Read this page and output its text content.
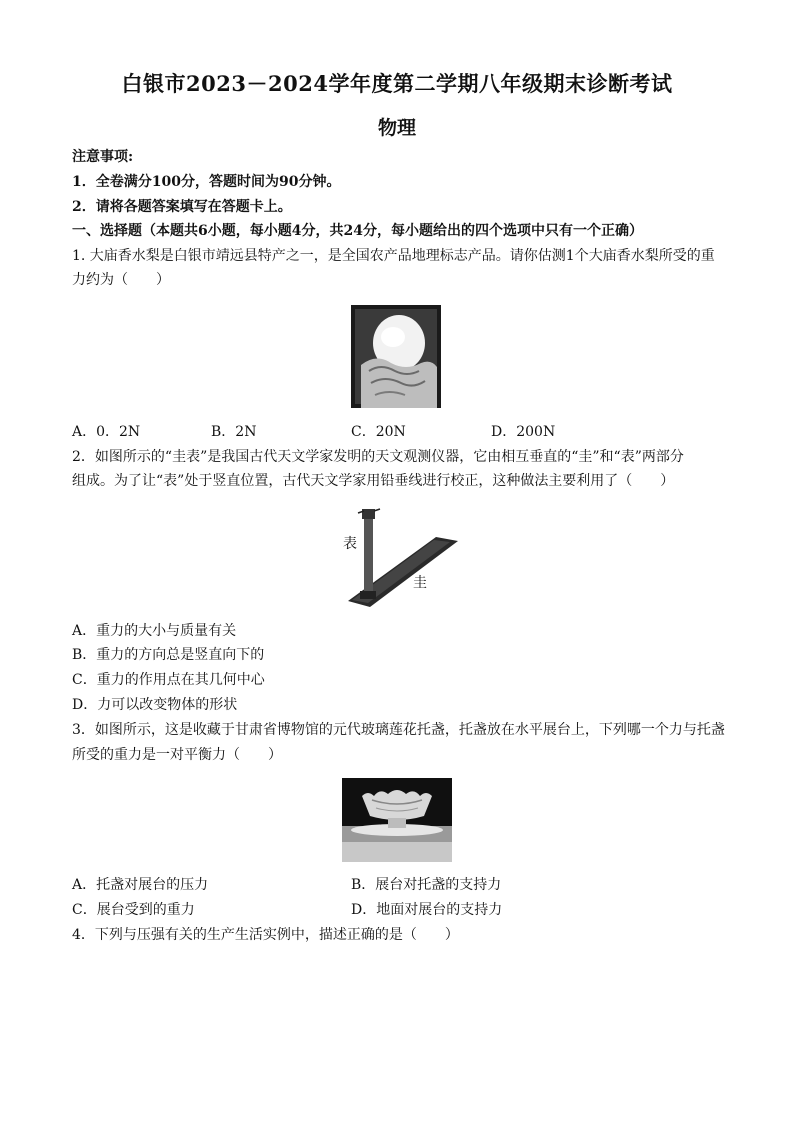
白银市2023－2024学年度第二学期八年级期末诊断考试
物理
注意事项:
1．全卷满分100分，答题时间为90分钟。
2．请将各题答案填写在答题卡上。
一、选择题（本题共6小题，每小题4分，共24分，每小题给出的四个选项中只有一个正确）
1. 大庙香水梨是白银市靖远县特产之一，是全国农产品地理标志产品。请你估测1个大庙香水梨所受的重
力约为（　　）
A．0．2N	B．2N	C．20N	D．200N
2．如图所示的“圭表”是我国古代天文学家发明的天文观测仪器，它由相互垂直的“圭”和“表”两部分
组成。为了让“表”处于竖直位置，古代天文学家用铅垂线进行校正，这种做法主要利用了（　　）
表
圭
A．重力的大小与质量有关
B．重力的方向总是竖直向下的
C．重力的作用点在其几何中心
D．力可以改变物体的形状
3．如图所示，这是收藏于甘肃省博物馆的元代玻璃莲花托盏，托盏放在水平展台上，下列哪一个力与托盏
所受的重力是一对平衡力（　　）
A．托盏对展台的压力	B．展台对托盏的支持力
C．展台受到的重力	D．地面对展台的支持力
4．下列与压强有关的生产生活实例中，描述正确的是（　　）
